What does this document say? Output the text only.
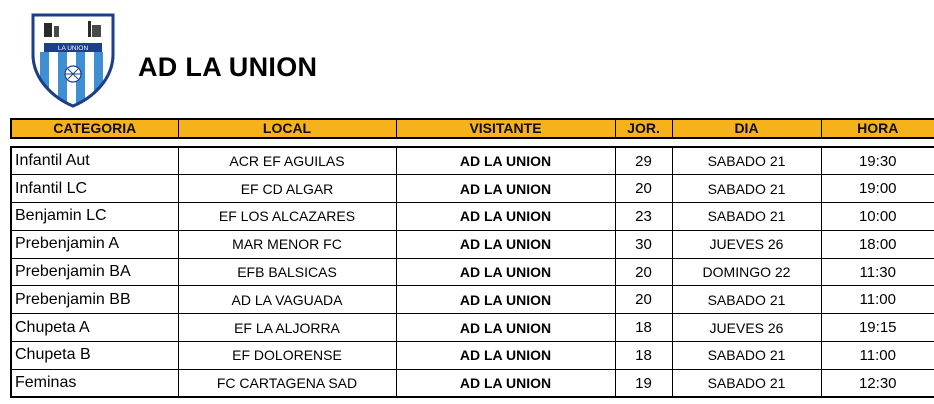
LA UNION
AD LA UNION
CATEGORIA	LOCAL	VISITANTE	JOR.	DIA	HORA

Infantil Aut	ACR EF AGUILAS	AD LA UNION	29	SABADO 21	19:30
Infantil LC	EF CD ALGAR	AD LA UNION	20	SABADO 21	19:00
Benjamin LC	EF LOS ALCAZARES	AD LA UNION	23	SABADO 21	10:00
Prebenjamin A	MAR MENOR FC	AD LA UNION	30	JUEVES 26	18:00
Prebenjamin BA	EFB BALSICAS	AD LA UNION	20	DOMINGO 22	11:30
Prebenjamin BB	AD LA VAGUADA	AD LA UNION	20	SABADO 21	11:00
Chupeta A	EF LA ALJORRA	AD LA UNION	18	JUEVES 26	19:15
Chupeta B	EF DOLORENSE	AD LA UNION	18	SABADO 21	11:00
Feminas	FC CARTAGENA SAD	AD LA UNION	19	SABADO 21	12:30
